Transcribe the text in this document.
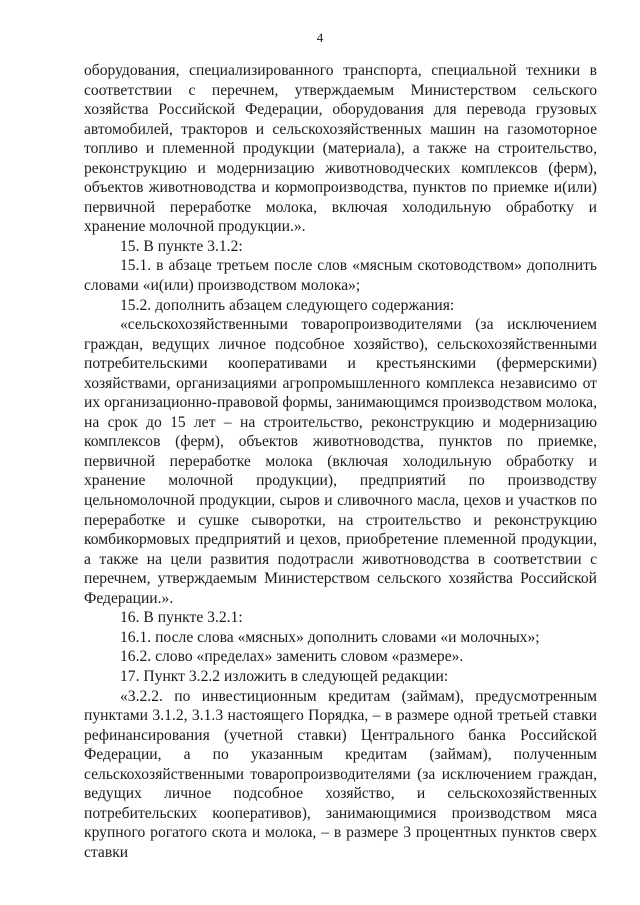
4

оборудования, специализированного транспорта, специальной техники в соответствии с перечнем, утверждаемым Министерством сельского хозяйства Российской Федерации, оборудования для перевода грузовых автомобилей, тракторов и сельскохозяйственных машин на газомоторное топливо и племенной продукции (материала), а также на строительство, реконструкцию и модернизацию животноводческих комплексов (ферм), объектов животноводства и кормопроизводства, пунктов по приемке и(или) первичной переработке молока, включая холодильную обработку и хранение молочной продукции.».

15. В пункте 3.1.2:

15.1. в абзаце третьем после слов «мясным скотоводством» дополнить словами «и(или) производством молока»;

15.2. дополнить абзацем следующего содержания:

«сельскохозяйственными товаропроизводителями (за исключением граждан, ведущих личное подсобное хозяйство), сельскохозяйственными потребительскими кооперативами и крестьянскими (фермерскими) хозяйствами, организациями агропромышленного комплекса независимо от их организационно-правовой формы, занимающимся производством молока, на срок до 15 лет – на строительство, реконструкцию и модернизацию комплексов (ферм), объектов животноводства, пунктов по приемке, первичной переработке молока (включая холодильную обработку и хранение молочной продукции), предприятий по производству цельномолочной продукции, сыров и сливочного масла, цехов и участков по переработке и сушке сыворотки, на строительство и реконструкцию комбикормовых предприятий и цехов, приобретение племенной продукции, а также на цели развития подотрасли животноводства в соответствии с перечнем, утверждаемым Министерством сельского хозяйства Российской Федерации.».

16. В пункте 3.2.1:

16.1. после слова «мясных» дополнить словами «и молочных»;

16.2. слово «пределах» заменить словом «размере».

17. Пункт 3.2.2 изложить в следующей редакции:

«3.2.2. по инвестиционным кредитам (займам), предусмотренным пунктами 3.1.2, 3.1.3 настоящего Порядка, – в размере одной третьей ставки рефинансирования (учетной ставки) Центрального банка Российской Федерации, а по указанным кредитам (займам), полученным сельскохозяйственными товаропроизводителями (за исключением граждан, ведущих личное подсобное хозяйство, и сельскохозяйственных потребительских кооперативов), занимающимися производством мяса крупного рогатого скота и молока, – в размере 3 процентных пунктов сверх ставки
